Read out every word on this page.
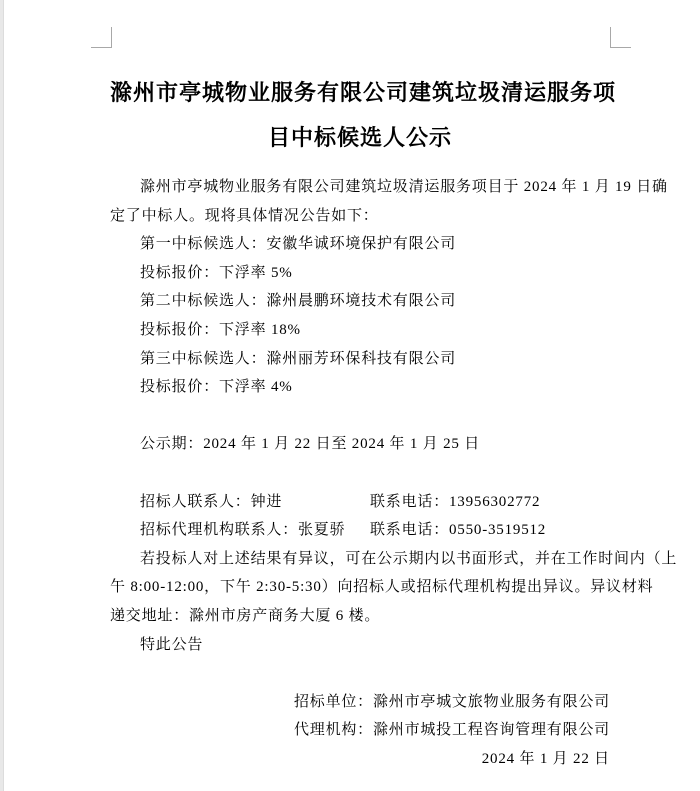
滁州市亭城物业服务有限公司建筑垃圾清运服务项
目中标候选人公示
滁州市亭城物业服务有限公司建筑垃圾清运服务项目于 2024 年 1 月 19 日确
定了中标人。现将具体情况公告如下：
第一中标候选人：安徽华诚环境保护有限公司
投标报价：下浮率 5%
第二中标候选人：滁州晨鹏环境技术有限公司
投标报价：下浮率 18%
第三中标候选人：滁州丽芳环保科技有限公司
投标报价：下浮率 4%
公示期：2024 年 1 月 22 日至 2024 年 1 月 25 日
招标人联系人：钟进	联系电话：13956302772
招标代理机构联系人：张夏骄 联系电话：0550-3519512
若投标人对上述结果有异议，可在公示期内以书面形式，并在工作时间内（上
午 8:00-12:00，下午 2:30-5:30）向招标人或招标代理机构提出异议。异议材料
递交地址：滁州市房产商务大厦 6 楼。
特此公告
招标单位：滁州市亭城文旅物业服务有限公司
代理机构：滁州市城投工程咨询管理有限公司
2024 年 1 月 22 日
